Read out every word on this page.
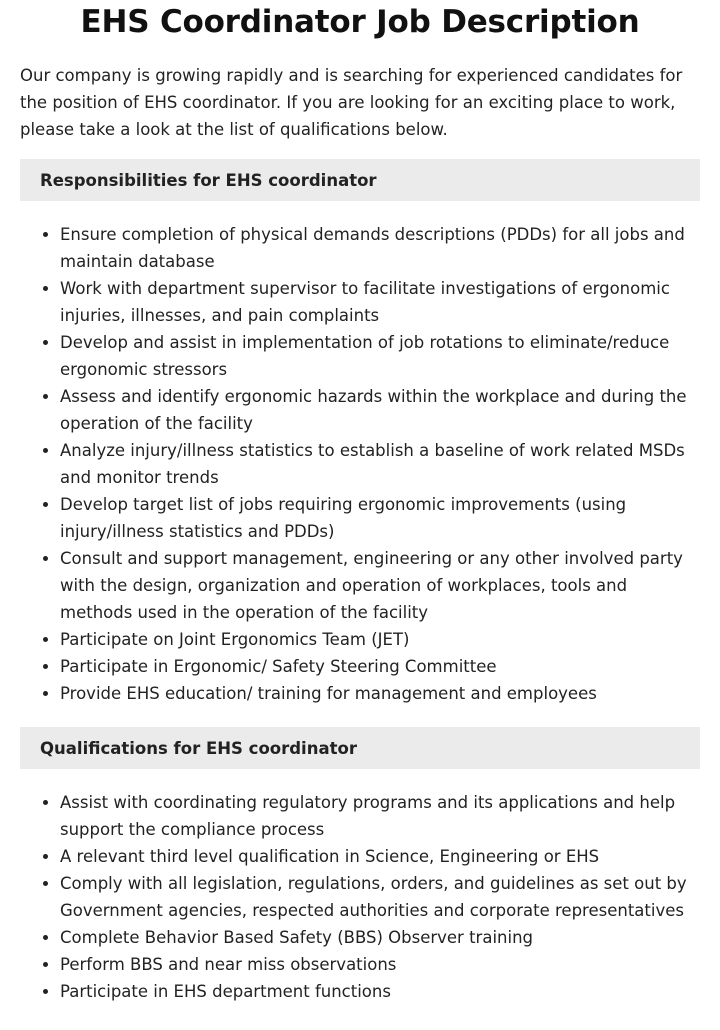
EHS Coordinator Job Description

Our company is growing rapidly and is searching for experienced candidates for the position of EHS coordinator. If you are looking for an exciting place to work, please take a look at the list of qualifications below.

Responsibilities for EHS coordinator
• Ensure completion of physical demands descriptions (PDDs) for all jobs and maintain database
• Work with department supervisor to facilitate investigations of ergonomic injuries, illnesses, and pain complaints
• Develop and assist in implementation of job rotations to eliminate/reduce ergonomic stressors
• Assess and identify ergonomic hazards within the workplace and during the operation of the facility
• Analyze injury/illness statistics to establish a baseline of work related MSDs and monitor trends
• Develop target list of jobs requiring ergonomic improvements (using injury/illness statistics and PDDs)
• Consult and support management, engineering or any other involved party with the design, organization and operation of workplaces, tools and methods used in the operation of the facility
• Participate on Joint Ergonomics Team (JET)
• Participate in Ergonomic/ Safety Steering Committee
• Provide EHS education/ training for management and employees
Qualifications for EHS coordinator
• Assist with coordinating regulatory programs and its applications and help support the compliance process
• A relevant third level qualification in Science, Engineering or EHS
• Comply with all legislation, regulations, orders, and guidelines as set out by Government agencies, respected authorities and corporate representatives
• Complete Behavior Based Safety (BBS) Observer training
• Perform BBS and near miss observations
• Participate in EHS department functions
